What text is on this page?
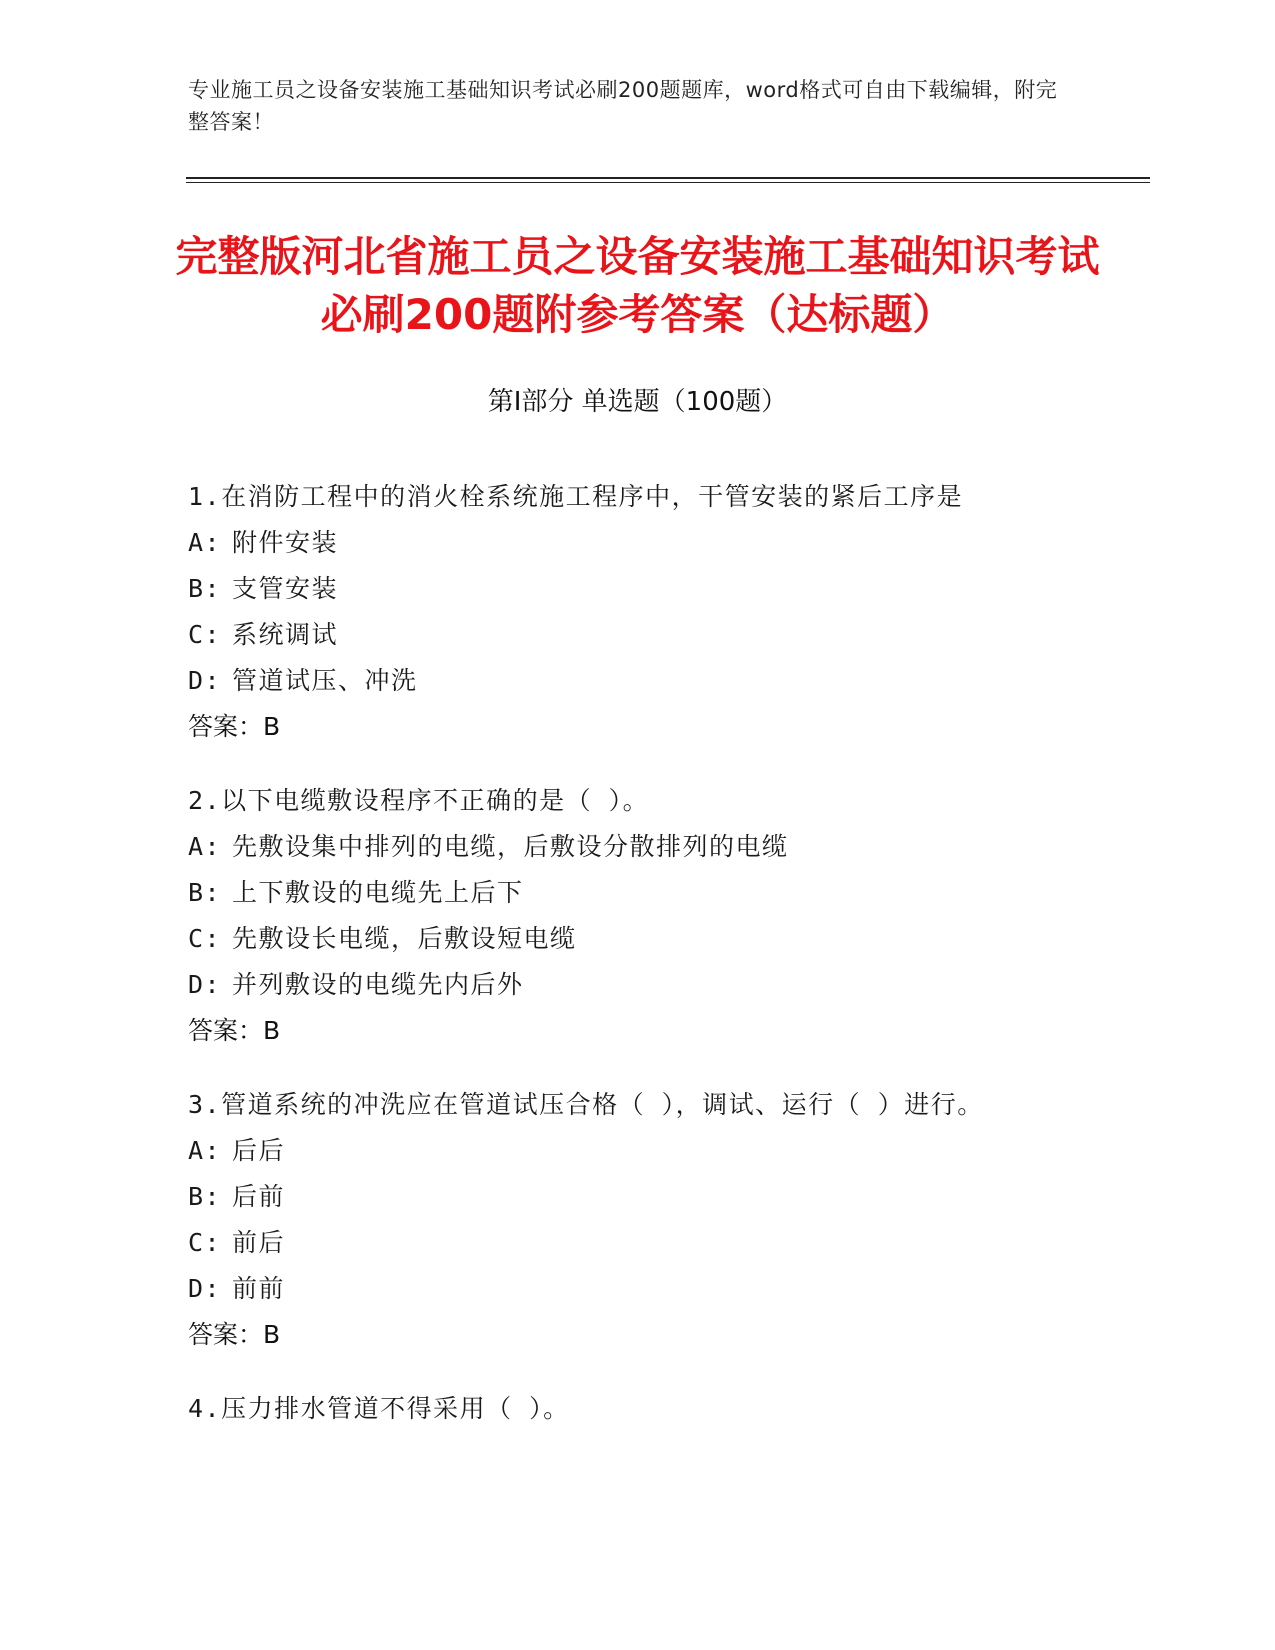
专业施工员之设备安装施工基础知识考试必刷200题题库，word格式可自由下载编辑，附完整答案！
完整版河北省施工员之设备安装施工基础知识考试必刷200题附参考答案（达标题）
第Ⅰ部分 单选题（100题）
1.在消防工程中的消火栓系统施工程序中，干管安装的紧后工序是
A: 附件安装
B: 支管安装
C: 系统调试
D: 管道试压、冲洗
答案：B
2.以下电缆敷设程序不正确的是（ ）。
A: 先敷设集中排列的电缆，后敷设分散排列的电缆
B: 上下敷设的电缆先上后下
C: 先敷设长电缆，后敷设短电缆
D: 并列敷设的电缆先内后外
答案：B
3.管道系统的冲洗应在管道试压合格（ ），调试、运行（ ）进行。
A: 后后
B: 后前
C: 前后
D: 前前
答案：B
4.压力排水管道不得采用（ ）。
